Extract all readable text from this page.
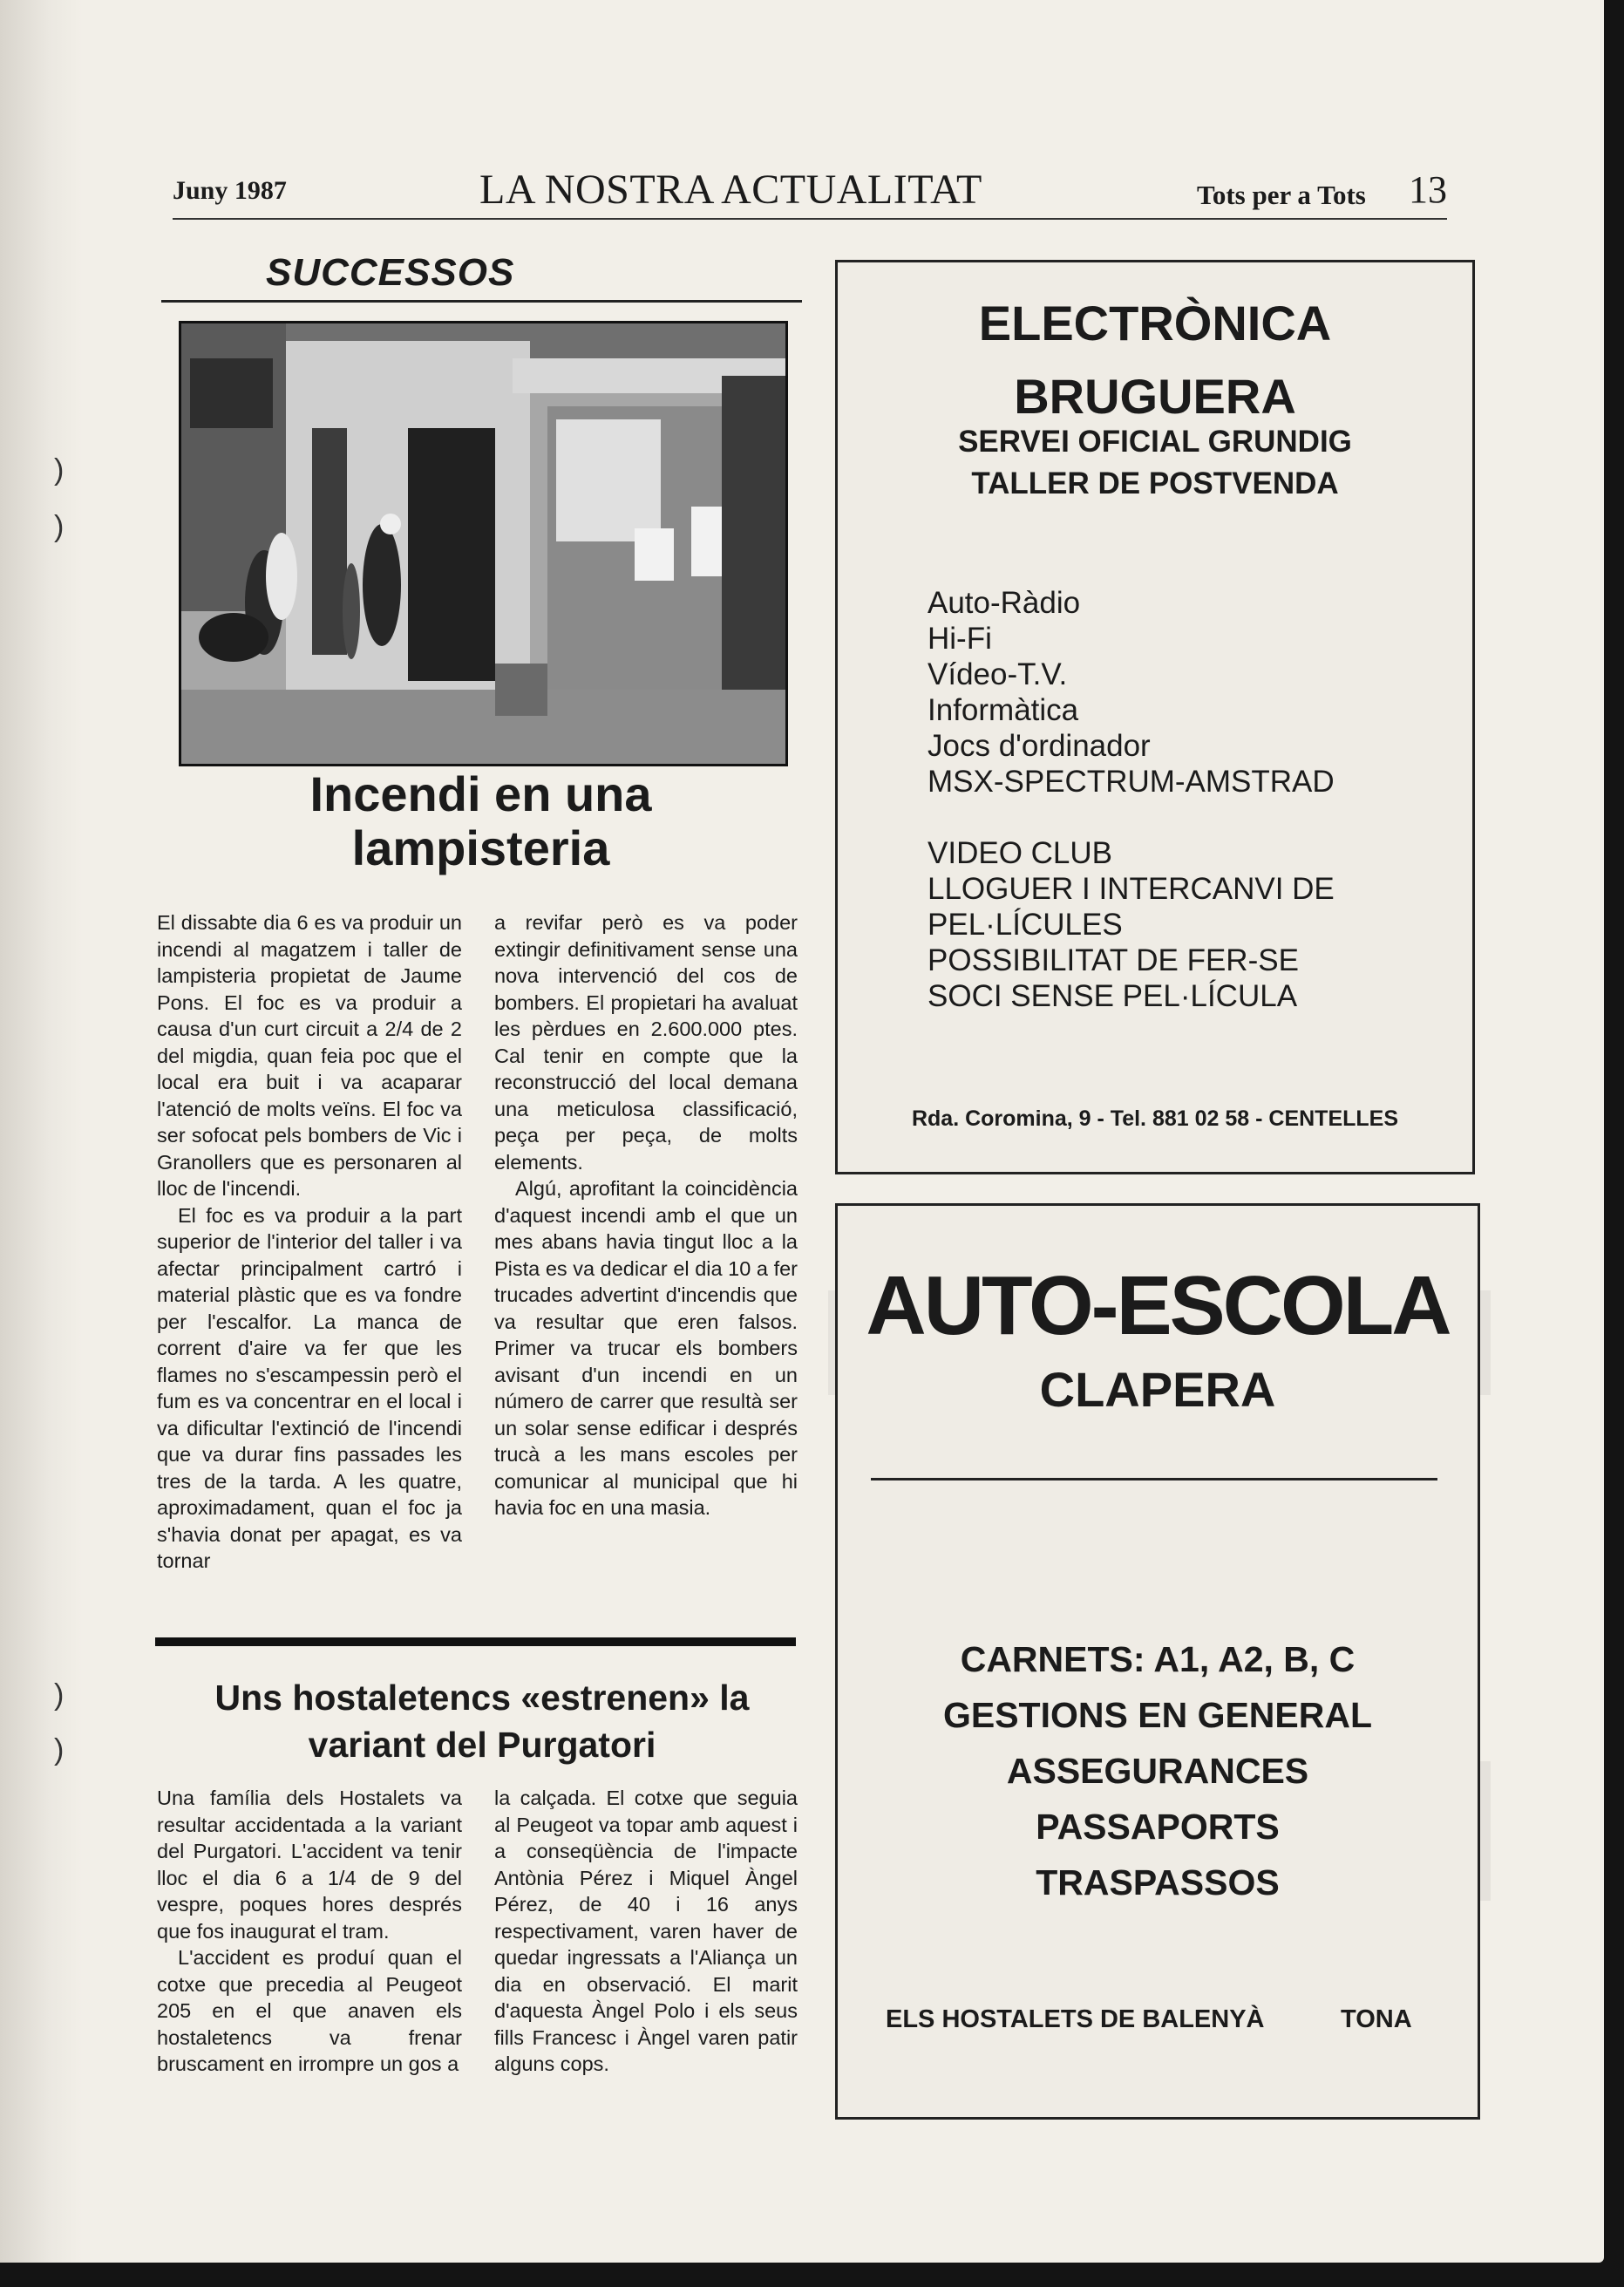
)
)
)
)
Juny 1987	LA NOSTRA ACTUALITAT	Tots per a Tots 13
SUCCESSOS
Incendi en una
lampisteria

El dissabte dia 6 es va produir un incendi al magatzem i taller de lampisteria propietat de Jaume Pons. El foc es va produir a causa d'un curt circuit a 2/4 de 2 del migdia, quan feia poc que el local era buit i va acaparar l'atenció de molts veïns. El foc va ser sofocat pels bombers de Vic i Granollers que es personaren al lloc de l'incendi.

El foc es va produir a la part superior de l'interior del taller i va afectar principalment cartró i material plàstic que es va fondre per l'escalfor. La manca de corrent d'aire va fer que les flames no s'escampessin però el fum es va concentrar en el local i va dificultar l'extinció de l'incendi que va durar fins passades les tres de la tarda. A les quatre, aproximadament, quan el foc ja s'havia donat per apagat, es va tornar

a revifar però es va poder extingir definitivament sense una nova intervenció del cos de bombers. El propietari ha avaluat les pèrdues en 2.600.000 ptes. Cal tenir en compte que la reconstrucció del local demana una meticulosa classificació, peça per peça, de molts elements.

Algú, aprofitant la coincidència d'aquest incendi amb el que un mes abans havia tingut lloc a la Pista es va dedicar el dia 10 a fer trucades advertint d'incendis que va resultar que eren falsos. Primer va trucar els bombers avisant d'un incendi en un número de carrer que resultà ser un solar sense edificar i després trucà a les mans escoles per comunicar al municipal que hi havia foc en una masia.

Uns hostaletencs «estrenen» la
variant del Purgatori

Una família dels Hostalets va resultar accidentada a la variant del Purgatori. L'accident va tenir lloc el dia 6 a 1/4 de 9 del vespre, poques hores després que fos inaugurat el tram.

L'accident es produí quan el cotxe que precedia al Peugeot 205 en el que anaven els hostaletencs va frenar bruscament en irrompre un gos a

la calçada. El cotxe que seguia al Peugeot va topar amb aquest i a conseqüència de l'impacte Antònia Pérez i Miquel Àngel Pérez, de 40 i 16 anys respectivament, varen haver de quedar ingressats a l'Aliança un dia en observació. El marit d'aquesta Àngel Polo i els seus fills Francesc i Àngel varen patir alguns cops.

ELECTRÒNICA
BRUGUERA
SERVEI OFICIAL GRUNDIG
TALLER DE POSTVENDA
Auto-Ràdio
Hi-Fi
Vídeo-T.V.
Informàtica
Jocs d'ordinador
MSX-SPECTRUM-AMSTRAD
VIDEO CLUB
LLOGUER I INTERCANVI DE
PEL·LÍCULES
POSSIBILITAT DE FER-SE
SOCI SENSE PEL·LÍCULA
Rda. Coromina, 9 - Tel. 881 02 58 - CENTELLES
AUTO-ESCOLA
CLAPERA
CARNETS: A1, A2, B, C
GESTIONS EN GENERAL
ASSEGURANCES
PASSAPORTS
TRASPASSOS
ELS HOSTALETS DE BALENYÀ	TONA
